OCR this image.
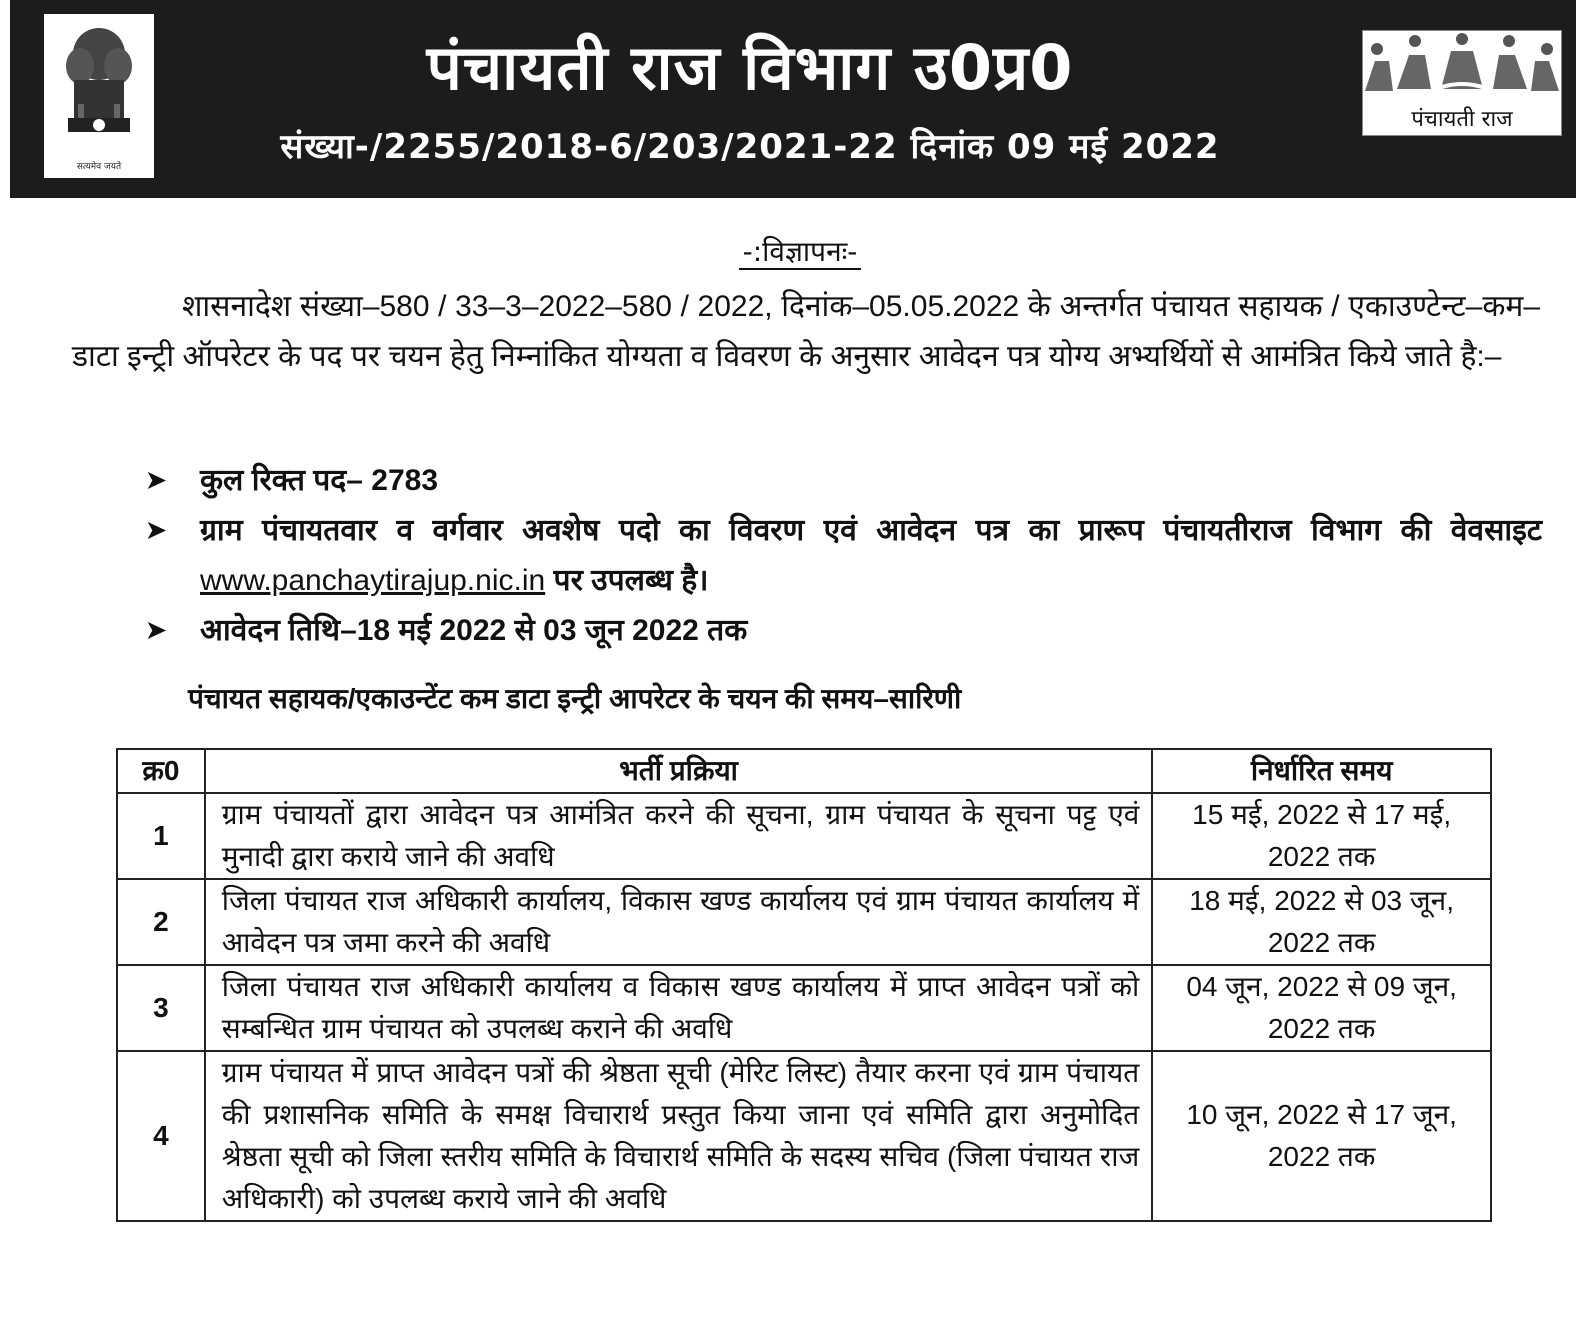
सत्यमेव जयते
पंचायती राज विभाग उ0प्र0
संख्या-/2255/2018-6/203/2021-22 दिनांक 09 मई 2022
पंचायती राज
-:विज्ञापनः-
शासनादेश संख्या–580 / 33–3–2022–580 / 2022, दिनांक–05.05.2022 के अन्तर्गत पंचायत सहायक / एकाउण्टेन्ट–कम–डाटा इन्ट्री ऑपरेटर के पद पर चयन हेतु निम्नांकित योग्यता व विवरण के अनुसार आवेदन पत्र योग्य अभ्यर्थियों से आमंत्रित किये जाते है:–
➤ कुल रिक्त पद– 2783
➤ ग्राम पंचायतवार व वर्गवार अवशेष पदो का विवरण एवं आवेदन पत्र का प्रारूप पंचायतीराज विभाग की वेवसाइट www.panchaytirajup.nic.in पर उपलब्ध है।
➤ आवेदन तिथि–18 मई 2022 से 03 जून 2022 तक
पंचायत सहायक/एकाउन्टेंट कम डाटा इन्ट्री आपरेटर के चयन की समय–सारिणी
क्र0	भर्ती प्रक्रिया	निर्धारित समय
1	ग्राम पंचायतों द्वारा आवेदन पत्र आमंत्रित करने की सूचना, ग्राम पंचायत के सूचना पट्ट एवं मुनादी द्वारा कराये जाने की अवधि	15 मई, 2022 से 17 मई, 2022 तक
2	जिला पंचायत राज अधिकारी कार्यालय, विकास खण्ड कार्यालय एवं ग्राम पंचायत कार्यालय में आवेदन पत्र जमा करने की अवधि	18 मई, 2022 से 03 जून, 2022 तक
3	जिला पंचायत राज अधिकारी कार्यालय व विकास खण्ड कार्यालय में प्राप्त आवेदन पत्रों को सम्बन्धित ग्राम पंचायत को उपलब्ध कराने की अवधि	04 जून, 2022 से 09 जून, 2022 तक
4	ग्राम पंचायत में प्राप्त आवेदन पत्रों की श्रेष्ठता सूची (मेरिट लिस्ट) तैयार करना एवं ग्राम पंचायत की प्रशासनिक समिति के समक्ष विचारार्थ प्रस्तुत किया जाना एवं समिति द्वारा अनुमोदित श्रेष्ठता सूची को जिला स्तरीय समिति के विचारार्थ समिति के सदस्य सचिव (जिला पंचायत राज अधिकारी) को उपलब्ध कराये जाने की अवधि	10 जून, 2022 से 17 जून, 2022 तक
